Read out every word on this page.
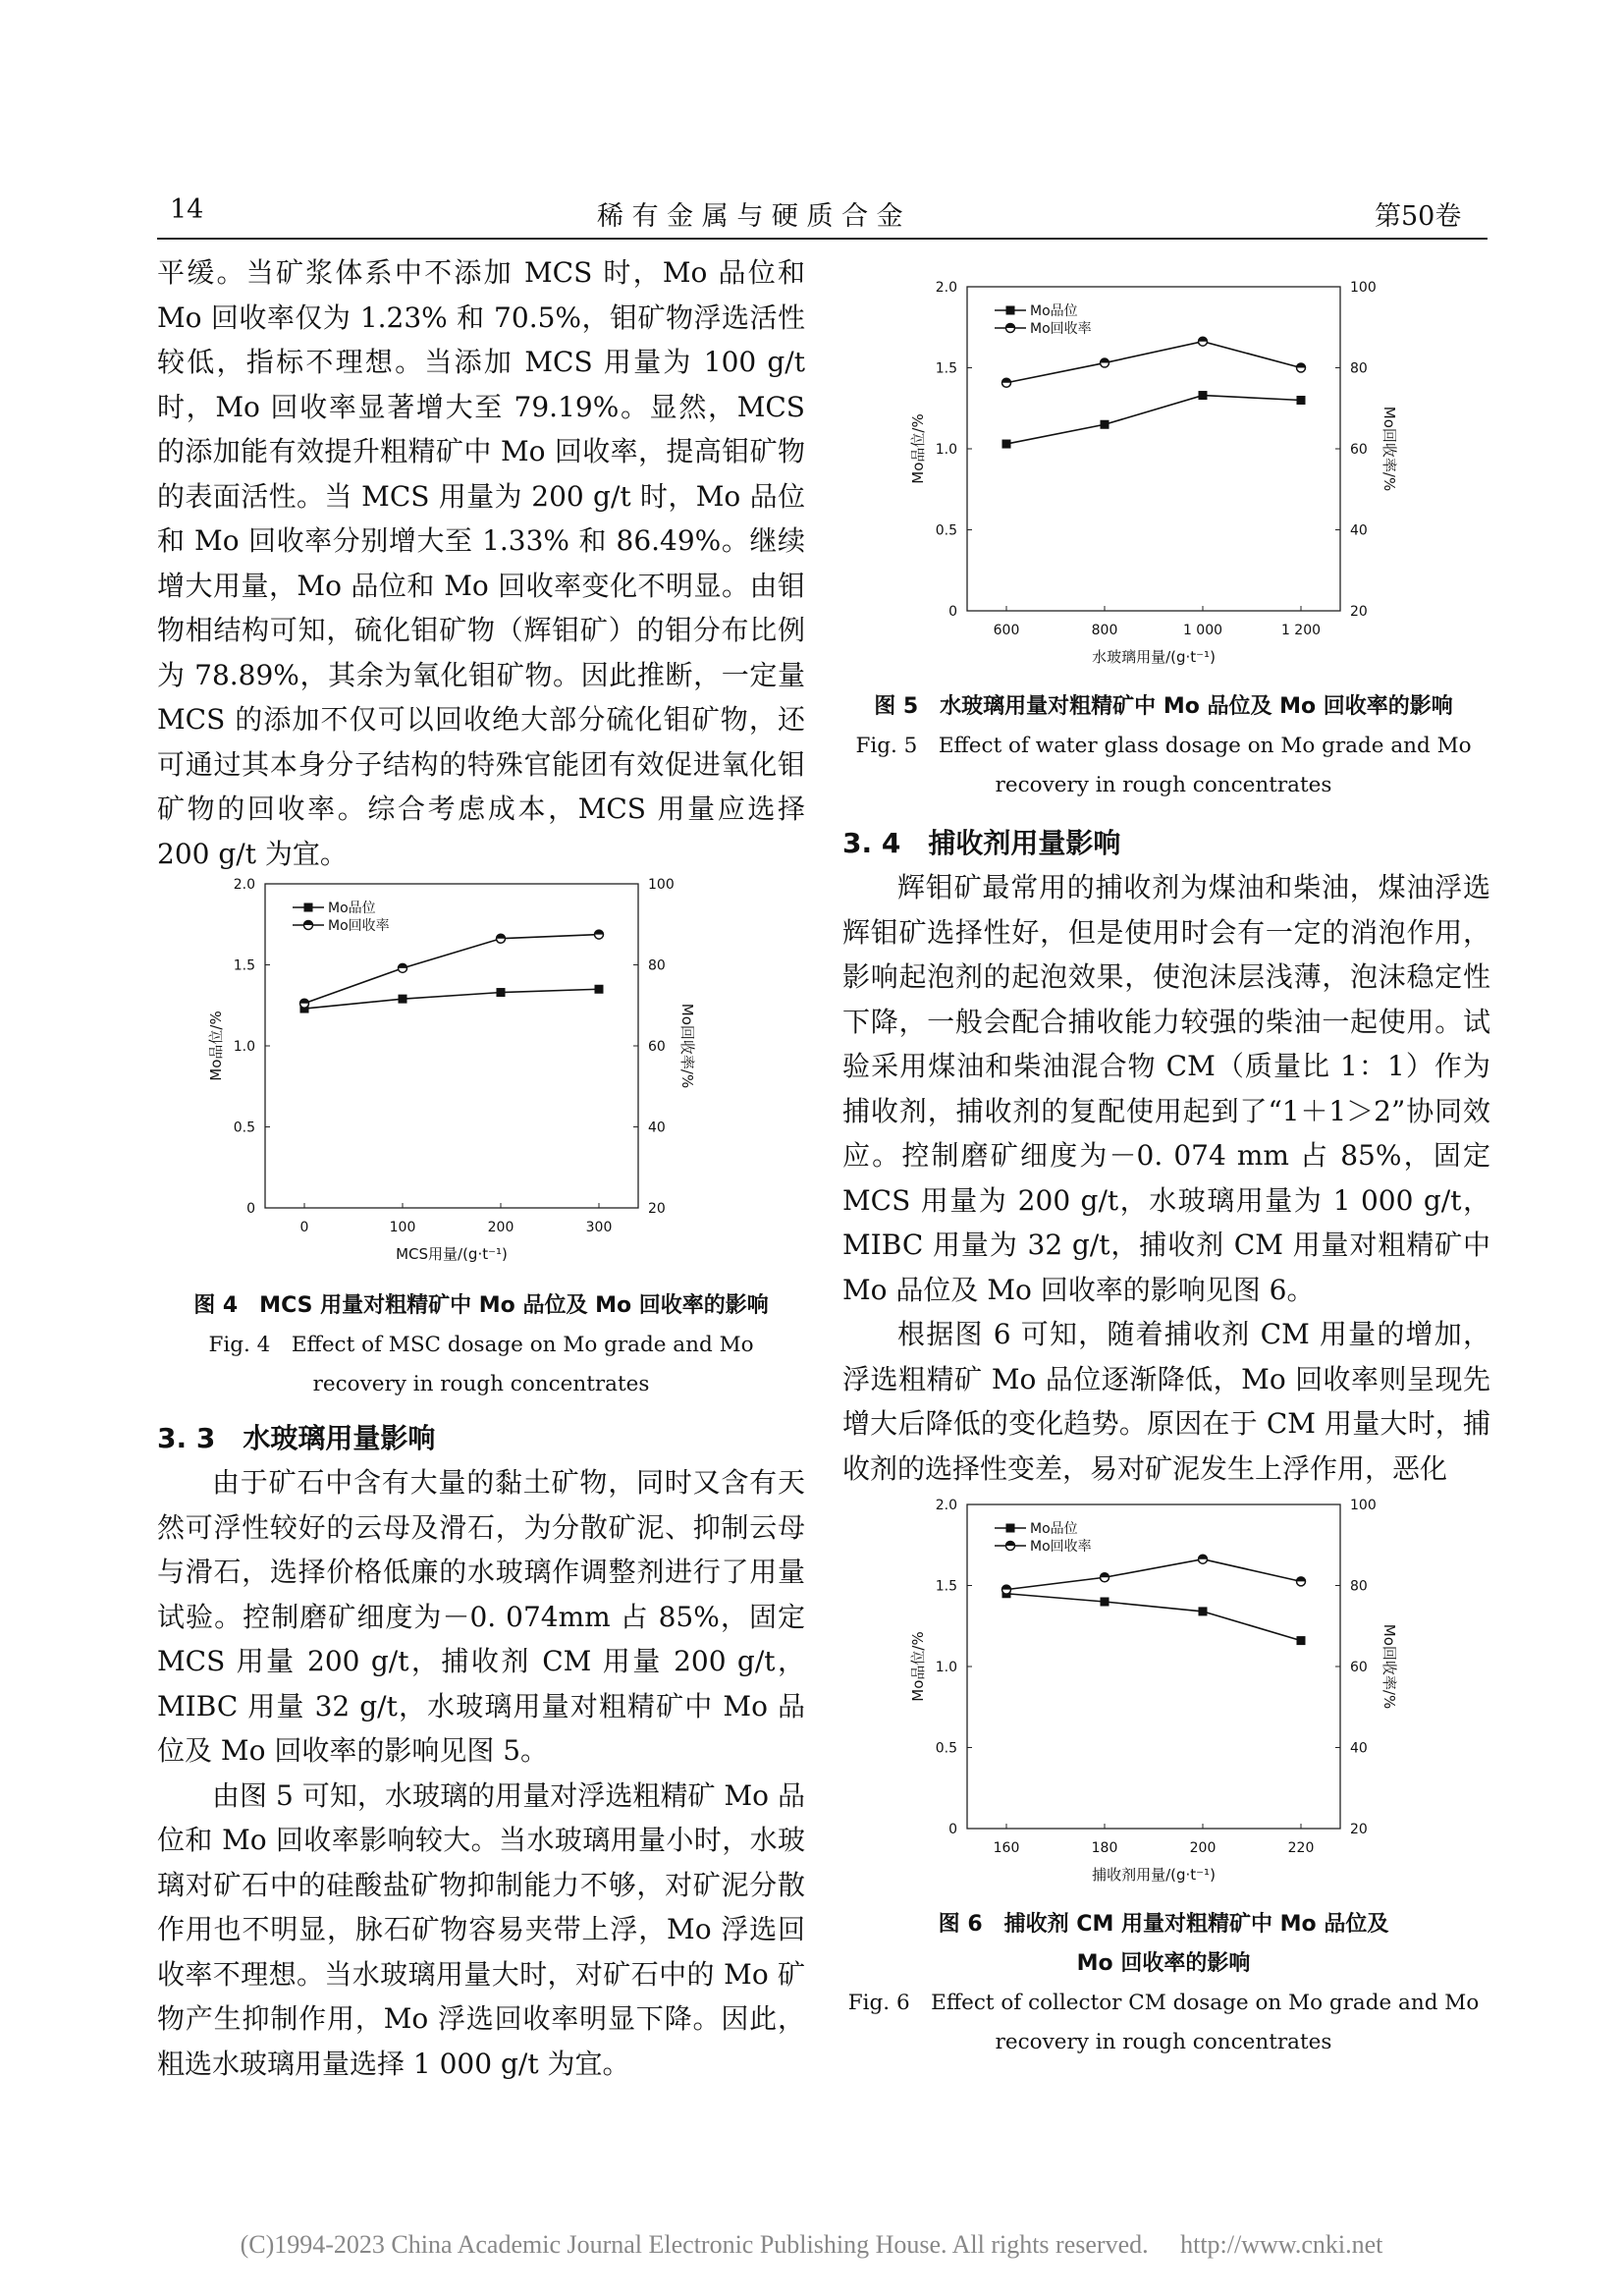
14	稀 有 金 属 与 硬 质 合 金	第50卷

平缓。当矿浆体系中不添加 MCS 时，Mo 品位和 Mo 回收率仅为 1.23% 和 70.5%，钼矿物浮选活性较低，指标不理想。当添加 MCS 用量为 100 g/t 时，Mo 回收率显著增大至 79.19%。显然，MCS 的添加能有效提升粗精矿中 Mo 回收率，提高钼矿物的表面活性。当 MCS 用量为 200 g/t 时，Mo 品位和 Mo 回收率分别增大至 1.33% 和 86.49%。继续增大用量，Mo 品位和 Mo 回收率变化不明显。由钼物相结构可知，硫化钼矿物（辉钼矿）的钼分布比例为 78.89%，其余为氧化钼矿物。因此推断，一定量 MCS 的添加不仅可以回收绝大部分硫化钼矿物，还可通过其本身分子结构的特殊官能团有效促进氧化钼矿物的回收率。综合考虑成本，MCS 用量应选择 200 g/t 为宜。

0
0.5
1.0
1.5
2.0
20
40
60
80
100
0	100	200	300
MCS用量/(g·t⁻¹)
Mo品位/%	Mo回收率/%
Mo品位
Mo回收率
图 4　MCS 用量对粗精矿中 Mo 品位及 Mo 回收率的影响
Fig. 4　Effect of MSC dosage on Mo grade and Mo
recovery in rough concentrates

3. 3　水玻璃用量影响

由于矿石中含有大量的黏土矿物，同时又含有天然可浮性较好的云母及滑石，为分散矿泥、抑制云母与滑石，选择价格低廉的水玻璃作调整剂进行了用量试验。控制磨矿细度为－0. 074mm 占 85%，固定 MCS 用量 200 g/t，捕收剂 CM 用量 200 g/t，MIBC 用量 32 g/t，水玻璃用量对粗精矿中 Mo 品位及 Mo 回收率的影响见图 5。

由图 5 可知，水玻璃的用量对浮选粗精矿 Mo 品位和 Mo 回收率影响较大。当水玻璃用量小时，水玻璃对矿石中的硅酸盐矿物抑制能力不够，对矿泥分散作用也不明显，脉石矿物容易夹带上浮，Mo 浮选回收率不理想。当水玻璃用量大时，对矿石中的 Mo 矿物产生抑制作用，Mo 浮选回收率明显下降。因此，粗选水玻璃用量选择 1 000 g/t 为宜。

0
0.5
1.0
1.5
2.0
20
40
60
80
100
600	800	1 000	1 200
水玻璃用量/(g·t⁻¹)
Mo品位/%	Mo回收率/%
Mo品位
Mo回收率
图 5　水玻璃用量对粗精矿中 Mo 品位及 Mo 回收率的影响
Fig. 5　Effect of water glass dosage on Mo grade and Mo
recovery in rough concentrates

3. 4　捕收剂用量影响

辉钼矿最常用的捕收剂为煤油和柴油，煤油浮选辉钼矿选择性好，但是使用时会有一定的消泡作用，影响起泡剂的起泡效果，使泡沫层浅薄，泡沫稳定性下降，一般会配合捕收能力较强的柴油一起使用。试验采用煤油和柴油混合物 CM（质量比 1：1）作为捕收剂，捕收剂的复配使用起到了“1＋1＞2”协同效应。控制磨矿细度为－0. 074 mm 占 85%，固定 MCS 用量为 200 g/t，水玻璃用量为 1 000 g/t，MIBC 用量为 32 g/t，捕收剂 CM 用量对粗精矿中 Mo 品位及 Mo 回收率的影响见图 6。

根据图 6 可知，随着捕收剂 CM 用量的增加，浮选粗精矿 Mo 品位逐渐降低，Mo 回收率则呈现先增大后降低的变化趋势。原因在于 CM 用量大时，捕收剂的选择性变差，易对矿泥发生上浮作用，恶化

0
0.5
1.0
1.5
2.0
20
40
60
80
100
160	180	200	220
捕收剂用量/(g·t⁻¹)
Mo品位/%	Mo回收率/%
Mo品位
Mo回收率
图 6　捕收剂 CM 用量对粗精矿中 Mo 品位及
Mo 回收率的影响
Fig. 6　Effect of collector CM dosage on Mo grade and Mo
recovery in rough concentrates
(C)1994-2023 China Academic Journal Electronic Publishing House. All rights reserved.　 http://www.cnki.net
